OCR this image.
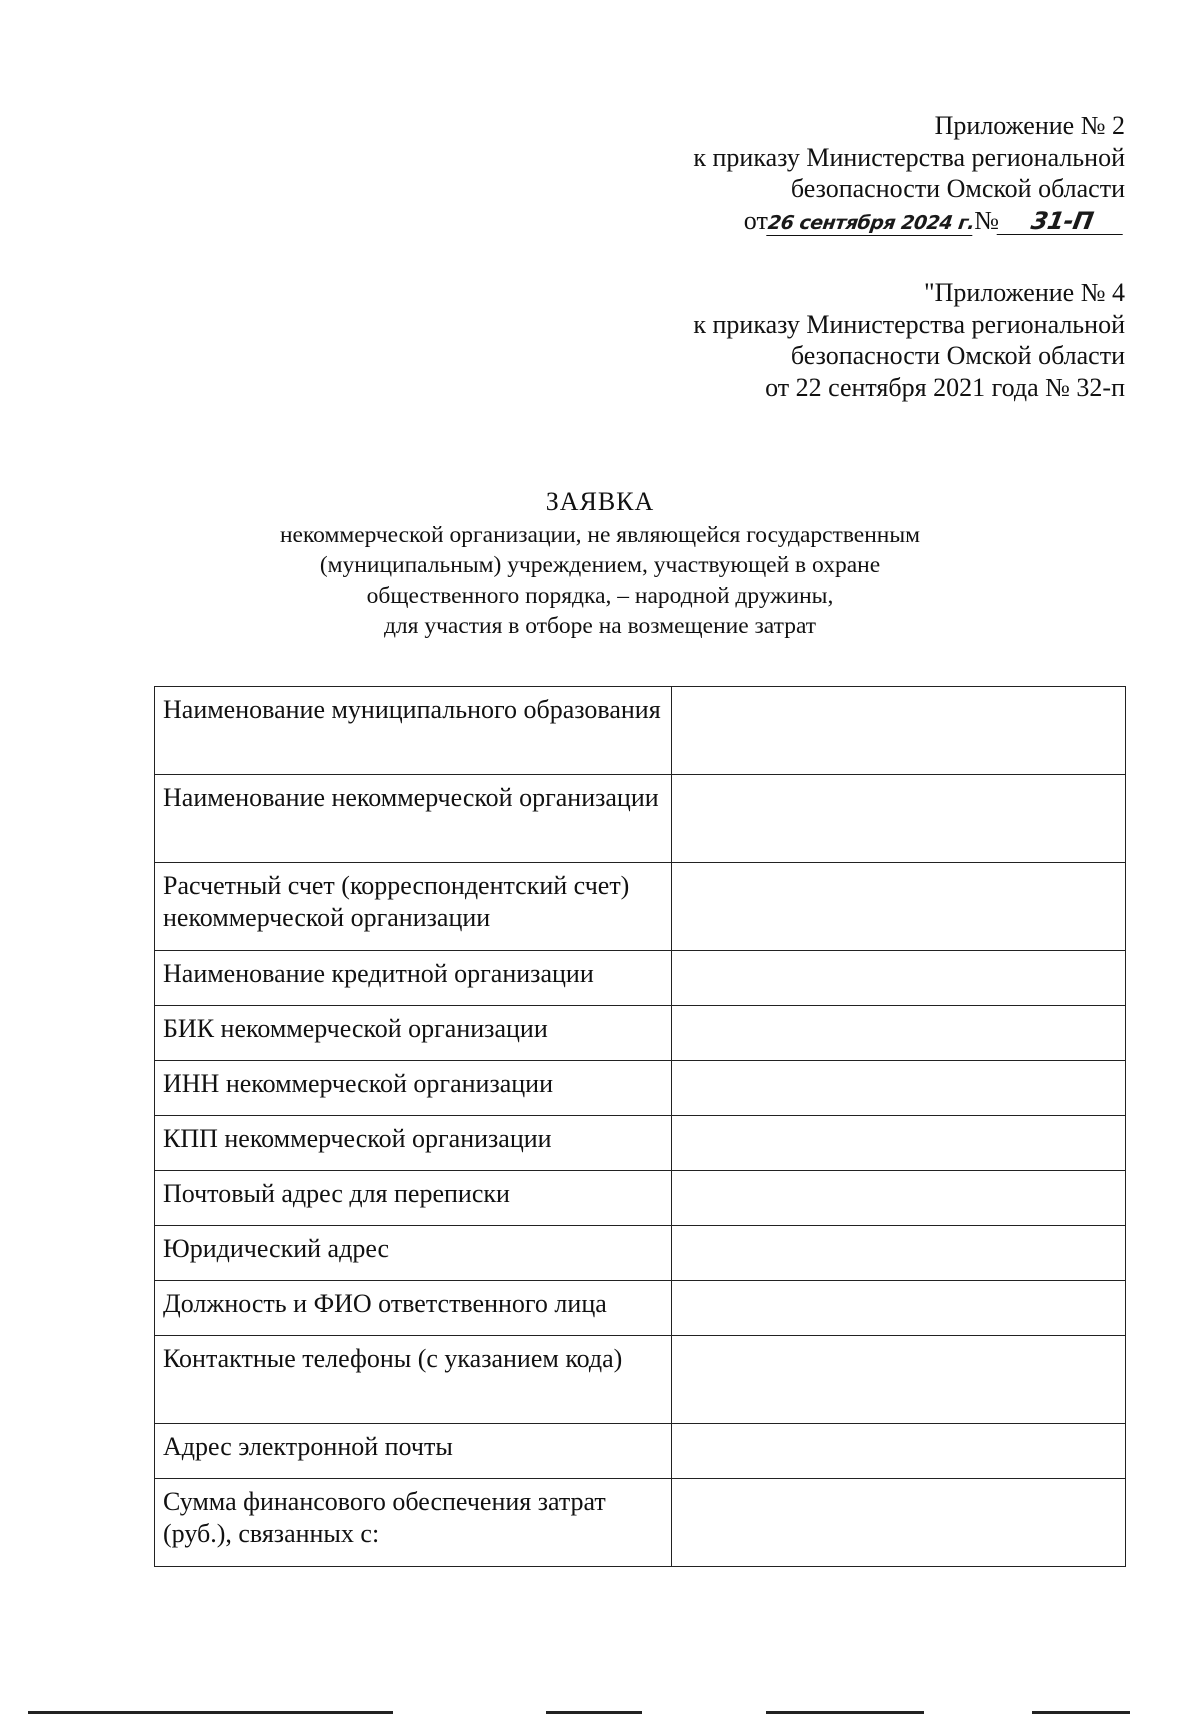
Приложение № 2
к приказу Министерства региональной
безопасности Омской области
от26 сентября 2024 г.№ 31-П
"Приложение № 4
к приказу Министерства региональной
безопасности Омской области
от 22 сентября 2021 года № 32-п
ЗАЯВКА
некоммерческой организации, не являющейся государственным
(муниципальным) учреждением, участвующей в охране
общественного порядка, – народной дружины,
для участия в отборе на возмещение затрат
Наименование муниципального образования	
Наименование некоммерческой организации	
Расчетный счет (корреспондентский счет) некоммерческой организации	
Наименование кредитной организации	
БИК некоммерческой организации	
ИНН некоммерческой организации	
КПП некоммерческой организации	
Почтовый адрес для переписки	
Юридический адрес	
Должность и ФИО ответственного лица	
Контактные телефоны (с указанием кода)	
Адрес электронной почты	
Сумма финансового обеспечения затрат (руб.), связанных с:	
